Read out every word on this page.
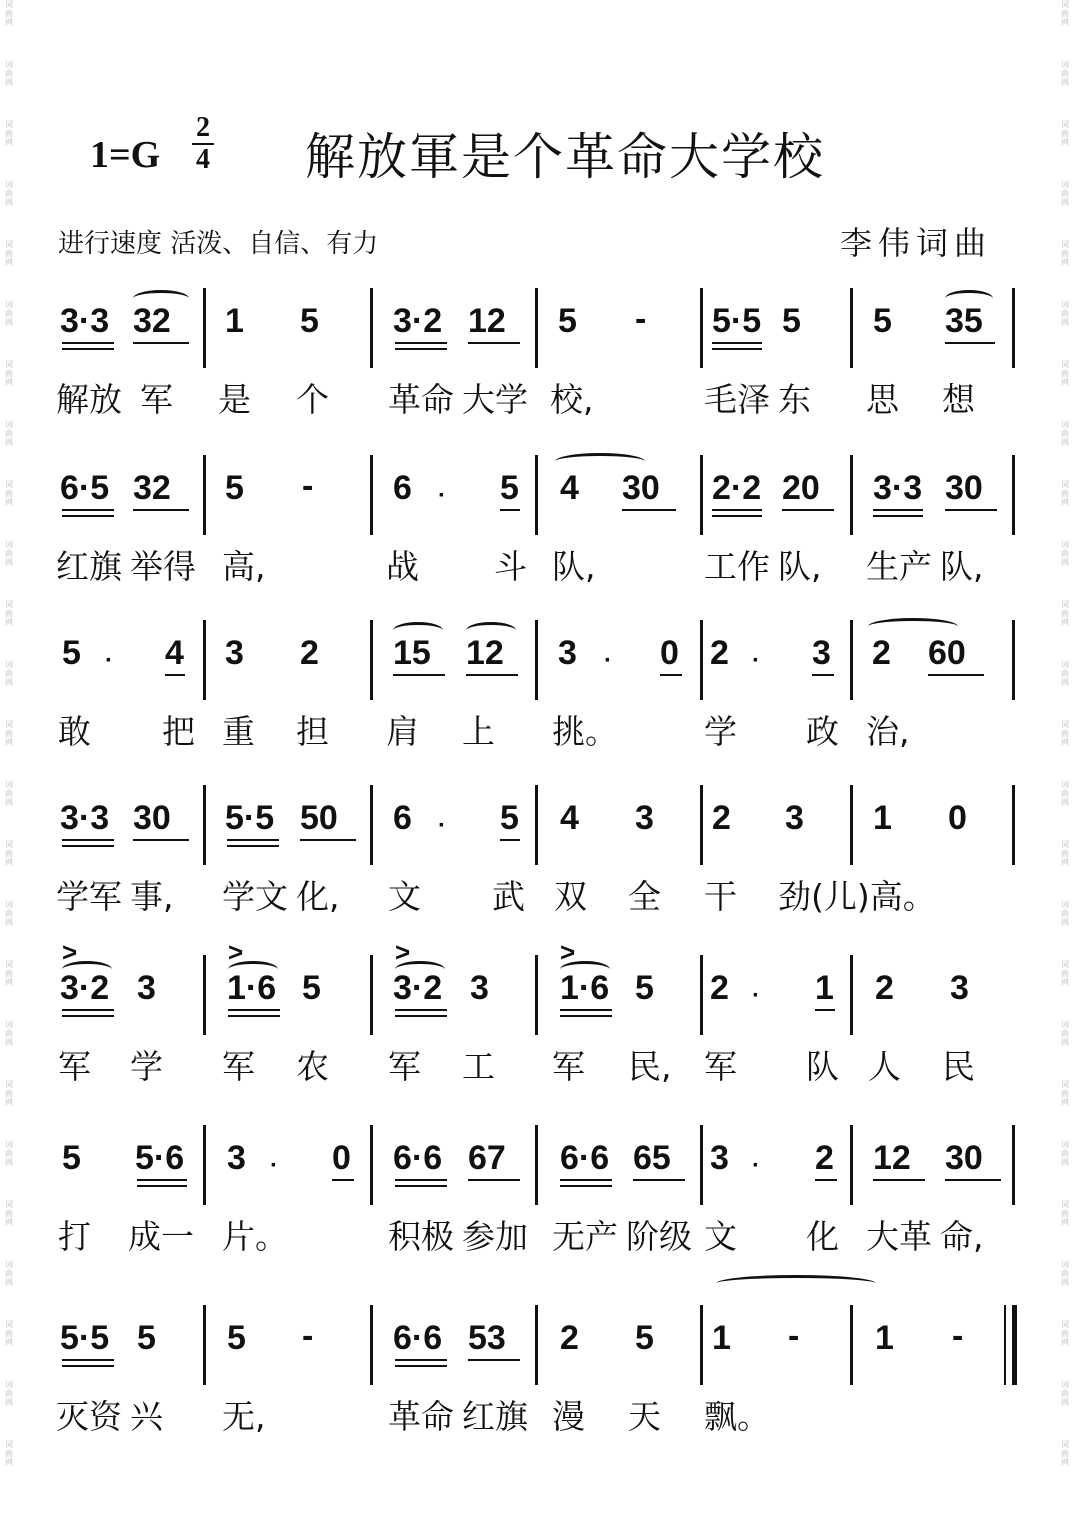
词
曲
网
词
曲
网
词
曲
网
词
曲
网
词
曲
网
词
曲
网
词
曲
网
词
曲
网
词
曲
网
词
曲
网
词
曲
网
词
曲
网
词
曲
网
词
曲
网
词
曲
网
词
曲
网
词
曲
网
词
曲
网
词
曲
网
词
曲
网
词
曲
网
词
曲
网
词
曲
网
词
曲
网
词
曲
网
词
曲
网
词
曲
网
词
曲
网
词
曲
网
词
曲
网
词
曲
网
词
曲
网
词
曲
网
词
曲
网
词
曲
网
词
曲
网
词
曲
网
词
曲
网
词
曲
网
词
曲
网
词
曲
网
词
曲
网
词
曲
网
词
曲
网
词
曲
网
词
曲
网
词
曲
网
词
曲
网
词
曲
网
词
曲
网
1=G
2
4 解放軍是个革命大学校
进行速度 活泼、自信、有力	李伟词曲
3·3 32 1 5 3·2 12 5 - 5·5 5 5 35
解放 军 是 个 革命 大学 校,	毛泽 东 思 想
6·5 32 5 - 6 · 5 4 30 2·2 20 3·3 30
红旗 举得 高,	战 斗 队,	工作 队, 生产 队,
5 · 4 3 2 15 12 3 · 0 2 · 3 2 60
敢 把 重 担 肩 上 挑。	学 政 治,
3·3 30 5·5 50 6 · 5 4 3 2 3 1 0
学军 事, 学文 化, 文 武 双 全 干 劲(儿)高。
>	>	>	>
3·2 3 1·6 5 3·2 3 1·6 5 2 · 1 2 3
军 学 军 农 军 工 军 民, 军 队 人 民
5 5·6 3 · 0 6·6 67 6·6 65 3 · 2 12 30
打 成一 片。	积极 参加 无产 阶级 文 化 大革 命,
5·5 5 5 - 6·6 53 2 5 1 - 1 -
灭资 兴 无,	革命 红旗 漫 天 飘。
